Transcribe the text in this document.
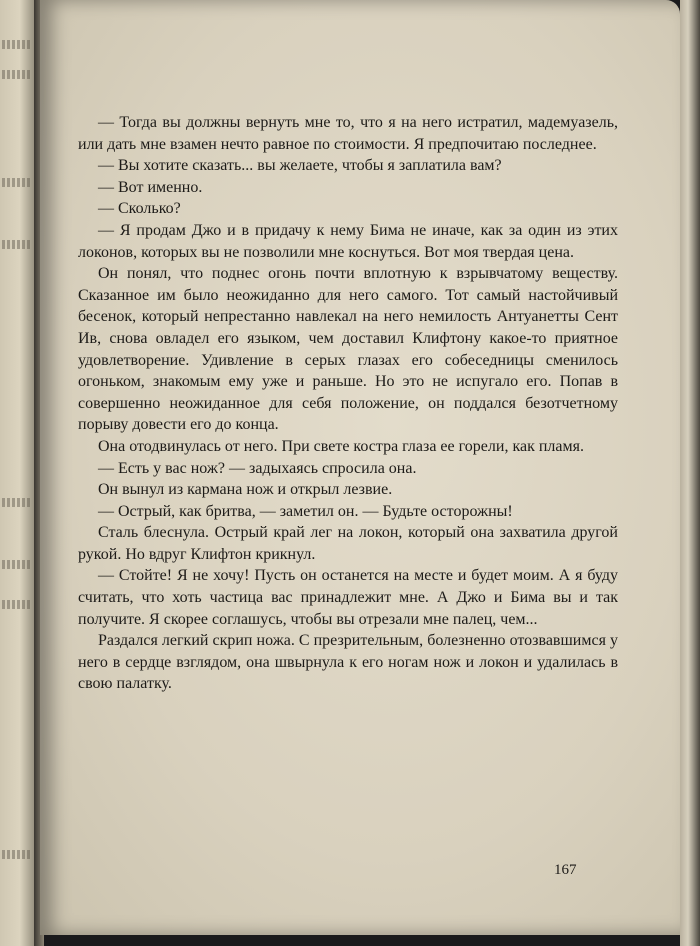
— Тогда вы должны вернуть мне то, что я на него истратил, мадемуазель, или дать мне взамен нечто равное по стоимости. Я предпочитаю последнее.

— Вы хотите сказать... вы желаете, чтобы я заплатила вам?

— Вот именно.

— Сколько?

— Я продам Джо и в придачу к нему Бима не иначе, как за один из этих локонов, которых вы не позволили мне коснуться. Вот моя твердая цена.

Он понял, что поднес огонь почти вплотную к взрывчатому веществу. Сказанное им было неожиданно для него самого. Тот самый настойчивый бесенок, который непрестанно навлекал на него немилость Антуанетты Сент Ив, снова овладел его языком, чем доставил Клифтону какое-то приятное удовлетворение. Удивление в серых глазах его собеседницы сменилось огоньком, знакомым ему уже и раньше. Но это не испугало его. Попав в совершенно неожиданное для себя положение, он поддался безотчетному порыву довести его до конца.

Она отодвинулась от него. При свете костра глаза ее горели, как пламя.

— Есть у вас нож? — задыхаясь спросила она.

Он вынул из кармана нож и открыл лезвие.

— Острый, как бритва, — заметил он. — Будьте осторожны!

Сталь блеснула. Острый край лег на локон, который она захватила другой рукой. Но вдруг Клифтон крикнул.

— Стойте! Я не хочу! Пусть он останется на месте и будет моим. А я буду считать, что хоть частица вас принадлежит мне. А Джо и Бима вы и так получите. Я скорее соглашусь, чтобы вы отрезали мне палец, чем...

Раздался легкий скрип ножа. С презрительным, болезненно отозвавшимся у него в сердце взглядом, она швырнула к его ногам нож и локон и удалилась в свою палатку.

167
